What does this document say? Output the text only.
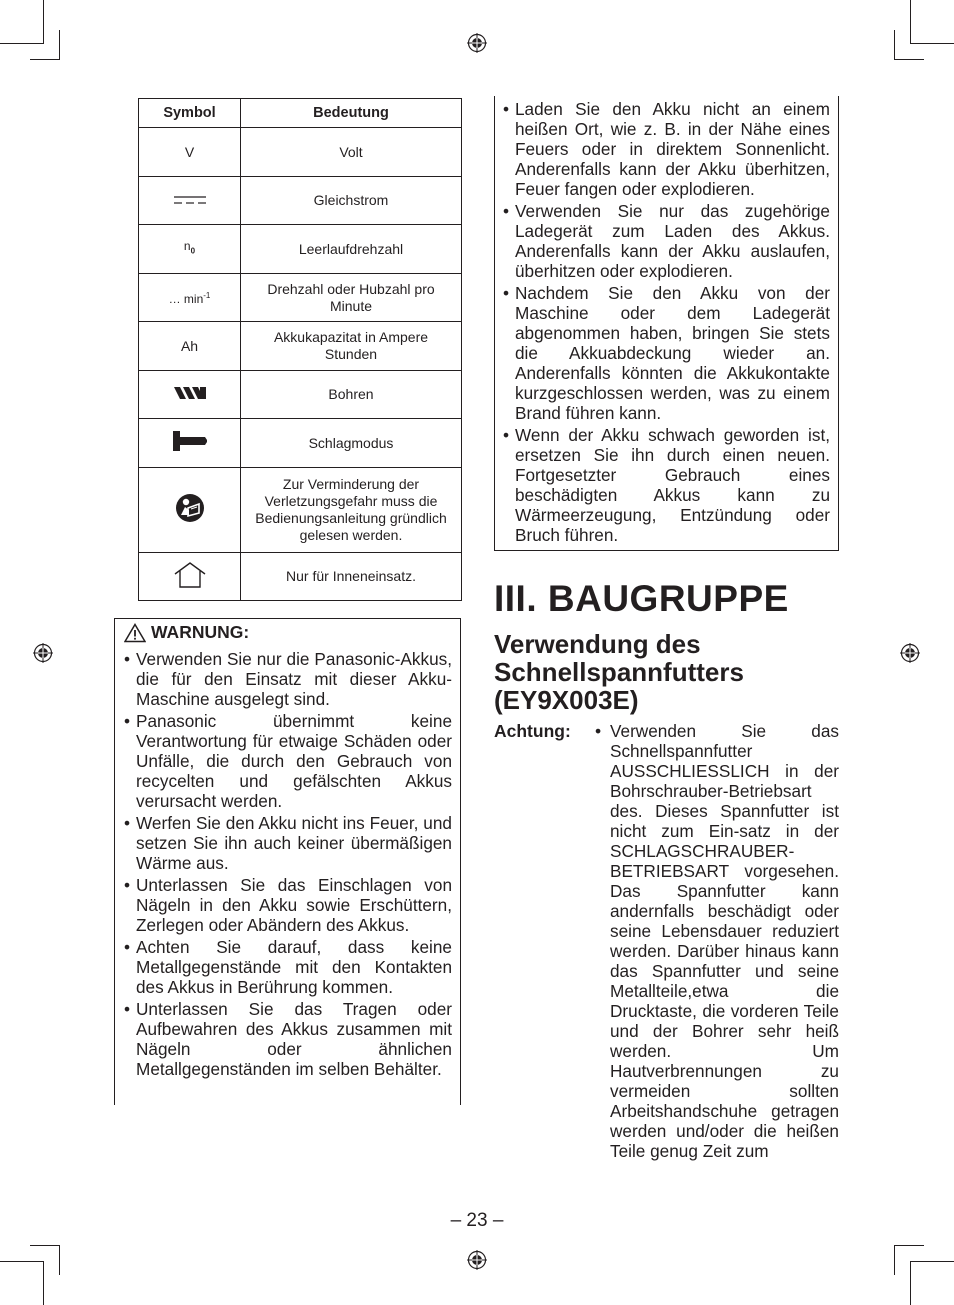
Symbol	Bedeutung
V	Volt
	Gleichstrom
$n_0$	Leerlaufdrehzahl
… $\min^{-1}$	Drehzahl oder Hubzahl pro Minute
Ah	Akkukapazitat in Ampere Stunden
	Bohren
	Schlagmodus
	Zur Verminderung der Verletzungsgefahr muss die Bedienungsanleitung gründlich gelesen werden.
	Nur für Inneneinsatz.
WARNUNG:
• Verwenden Sie nur die Panasonic-Akkus, die für den Einsatz mit dieser Akku-Maschine ausgelegt sind.
• Panasonic übernimmt keine Verantwortung für etwaige Schäden oder Unfälle, die durch den Gebrauch von recycelten und gefälschten Akkus verursacht werden.
• Werfen Sie den Akku nicht ins Feuer, und setzen Sie ihn auch keiner übermäßigen Wärme aus.
• Unterlassen Sie das Einschlagen von Nägeln in den Akku sowie Erschüttern, Zerlegen oder Abändern des Akkus.
• Achten Sie darauf, dass keine Metallgegenstände mit den Kontakten des Akkus in Berührung kommen.
• Unterlassen Sie das Tragen oder Aufbewahren des Akkus zusammen mit Nägeln oder ähnlichen Metallgegenständen im selben Behälter.
• Laden Sie den Akku nicht an einem heißen Ort, wie z. B. in der Nähe eines Feuers oder in direktem Sonnenlicht. Anderenfalls kann der Akku überhitzen, Feuer fangen oder explodieren.
• Verwenden Sie nur das zugehörige Ladegerät zum Laden des Akkus. Anderenfalls kann der Akku auslaufen, überhitzen oder explodieren.
• Nachdem Sie den Akku von der Maschine oder dem Ladegerät abgenommen haben, bringen Sie stets die Akkuabdeckung wieder an. Anderenfalls könnten die Akkukontakte kurzgeschlossen werden, was zu einem Brand führen kann.
• Wenn der Akku schwach geworden ist, ersetzen Sie ihn durch einen neuen. Fortgesetzter Gebrauch eines beschädigten Akkus kann zu Wärmeerzeugung, Entzündung oder Bruch führen.
III. BAUGRUPPE
Verwendung des Schnellspannfutters (EY9X003E)
Achtung: • Verwenden Sie das Schnellspannfutter AUSSCHLIESSLICH in der Bohrschrauber-Betriebsart des. Dieses Spannfutter ist nicht zum Ein-satz in der SCHLAGSCHRAUBER-BETRIEBSART vorgesehen. Das Spannfutter kann andernfalls beschädigt oder seine Lebensdauer reduziert werden. Darüber hinaus kann das Spannfutter und seine Metallteile,etwa die Drucktaste, die vorderen Teile und der Bohrer sehr heiß werden. Um Hautverbrennungen zu vermeiden sollten Arbeitshandschuhe getragen werden und/oder die heißen Teile genug Zeit zum
– 23 –
